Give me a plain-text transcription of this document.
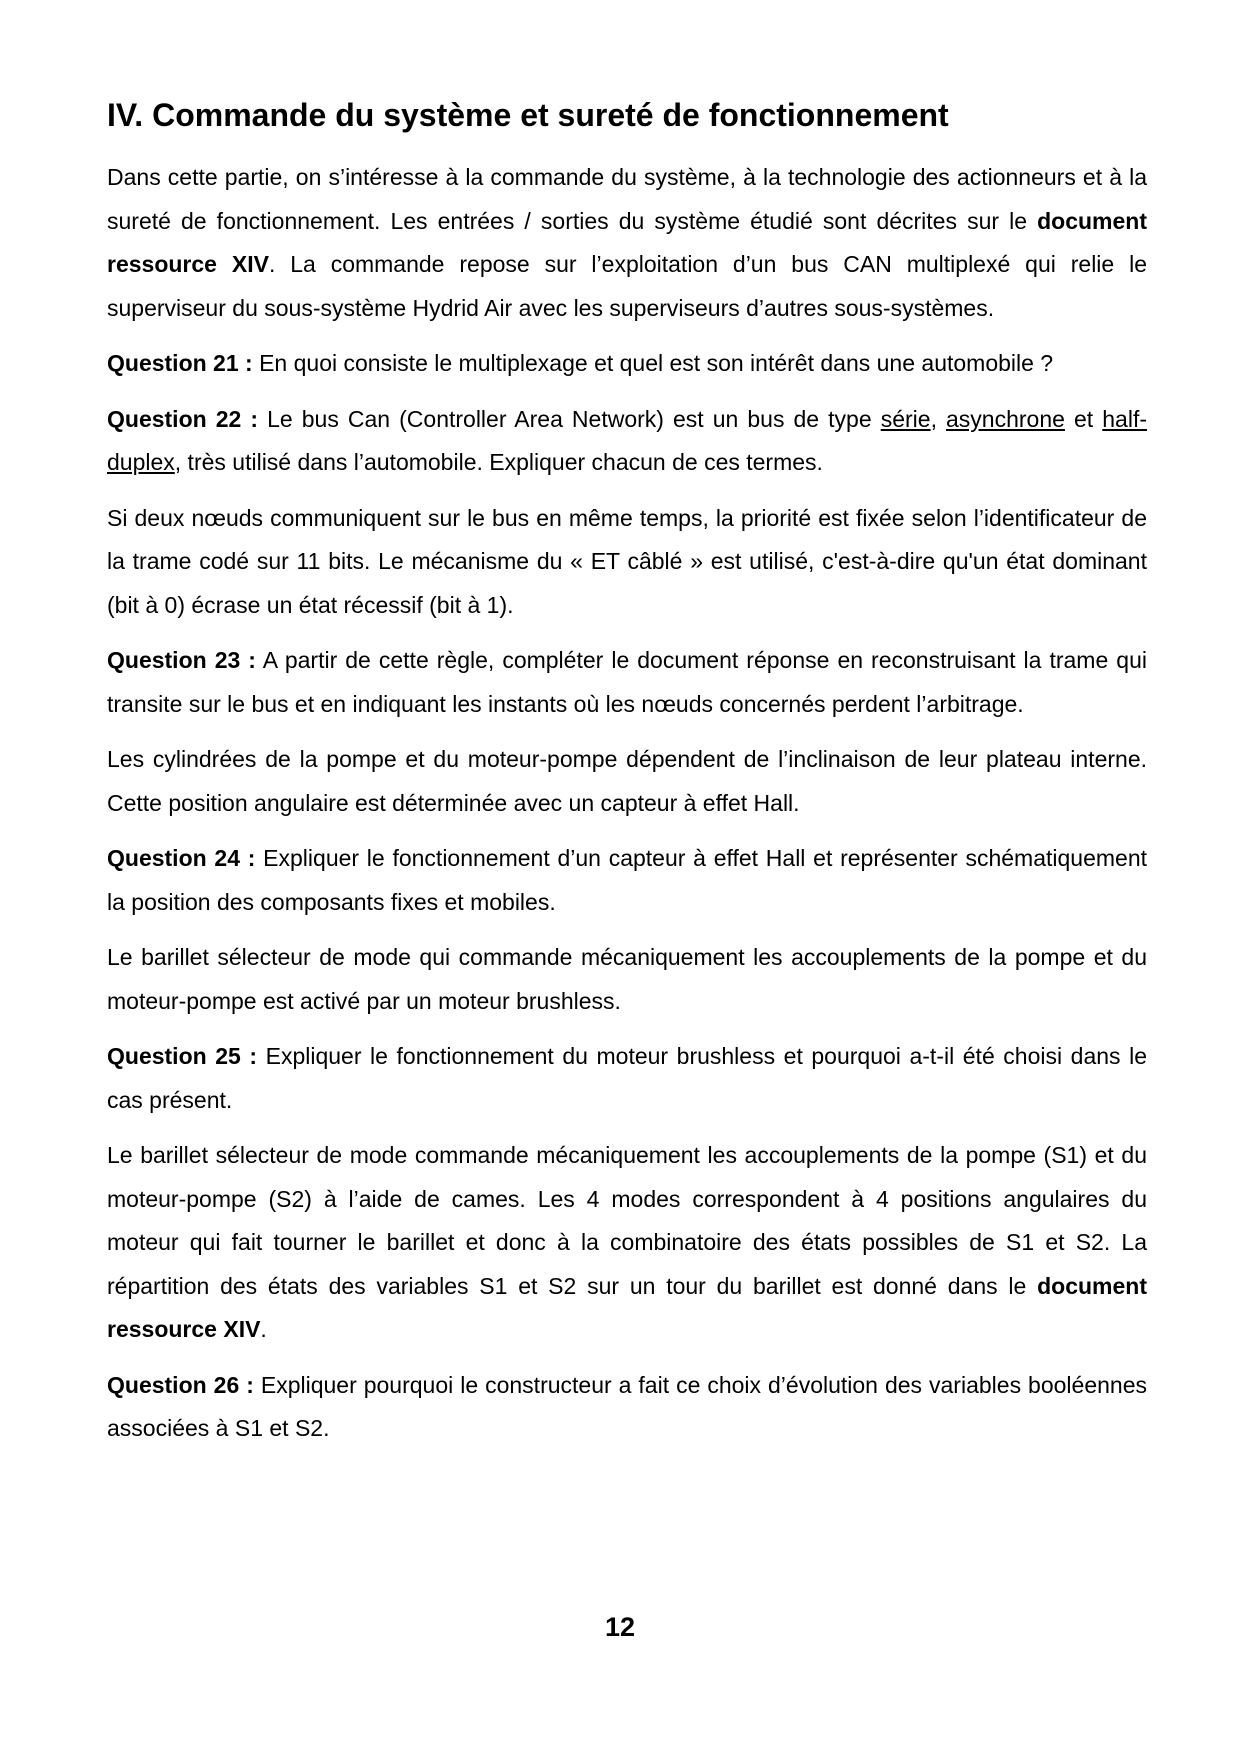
IV. Commande du système et sureté de fonctionnement

Dans cette partie, on s’intéresse à la commande du système, à la technologie des actionneurs et à la sureté de fonctionnement. Les entrées / sorties du système étudié sont décrites sur le document ressource XIV. La commande repose sur l’exploitation d’un bus CAN multiplexé qui relie le superviseur du sous-système Hydrid Air avec les superviseurs d’autres sous-systèmes.

Question 21 : En quoi consiste le multiplexage et quel est son intérêt dans une automobile ?

Question 22 : Le bus Can (Controller Area Network) est un bus de type série, asynchrone et half-duplex, très utilisé dans l’automobile. Expliquer chacun de ces termes.

Si deux nœuds communiquent sur le bus en même temps, la priorité est fixée selon l’identificateur de la trame codé sur 11 bits. Le mécanisme du « ET câblé » est utilisé, c'est-à-dire qu'un état dominant (bit à 0) écrase un état récessif (bit à 1).

Question 23 : A partir de cette règle, compléter le document réponse en reconstruisant la trame qui transite sur le bus et en indiquant les instants où les nœuds concernés perdent l’arbitrage.

Les cylindrées de la pompe et du moteur-pompe dépendent de l’inclinaison de leur plateau interne. Cette position angulaire est déterminée avec un capteur à effet Hall.

Question 24 : Expliquer le fonctionnement d’un capteur à effet Hall et représenter schématiquement la position des composants fixes et mobiles.

Le barillet sélecteur de mode qui commande mécaniquement les accouplements de la pompe et du moteur-pompe est activé par un moteur brushless.

Question 25 : Expliquer le fonctionnement du moteur brushless et pourquoi a-t-il été choisi dans le cas présent.

Le barillet sélecteur de mode commande mécaniquement les accouplements de la pompe (S1) et du moteur-pompe (S2) à l’aide de cames. Les 4 modes correspondent à 4 positions angulaires du moteur qui fait tourner le barillet et donc à la combinatoire des états possibles de S1 et S2. La répartition des états des variables S1 et S2 sur un tour du barillet est donné dans le document ressource XIV.

Question 26 : Expliquer pourquoi le constructeur a fait ce choix d’évolution des variables booléennes associées à S1 et S2.

12
